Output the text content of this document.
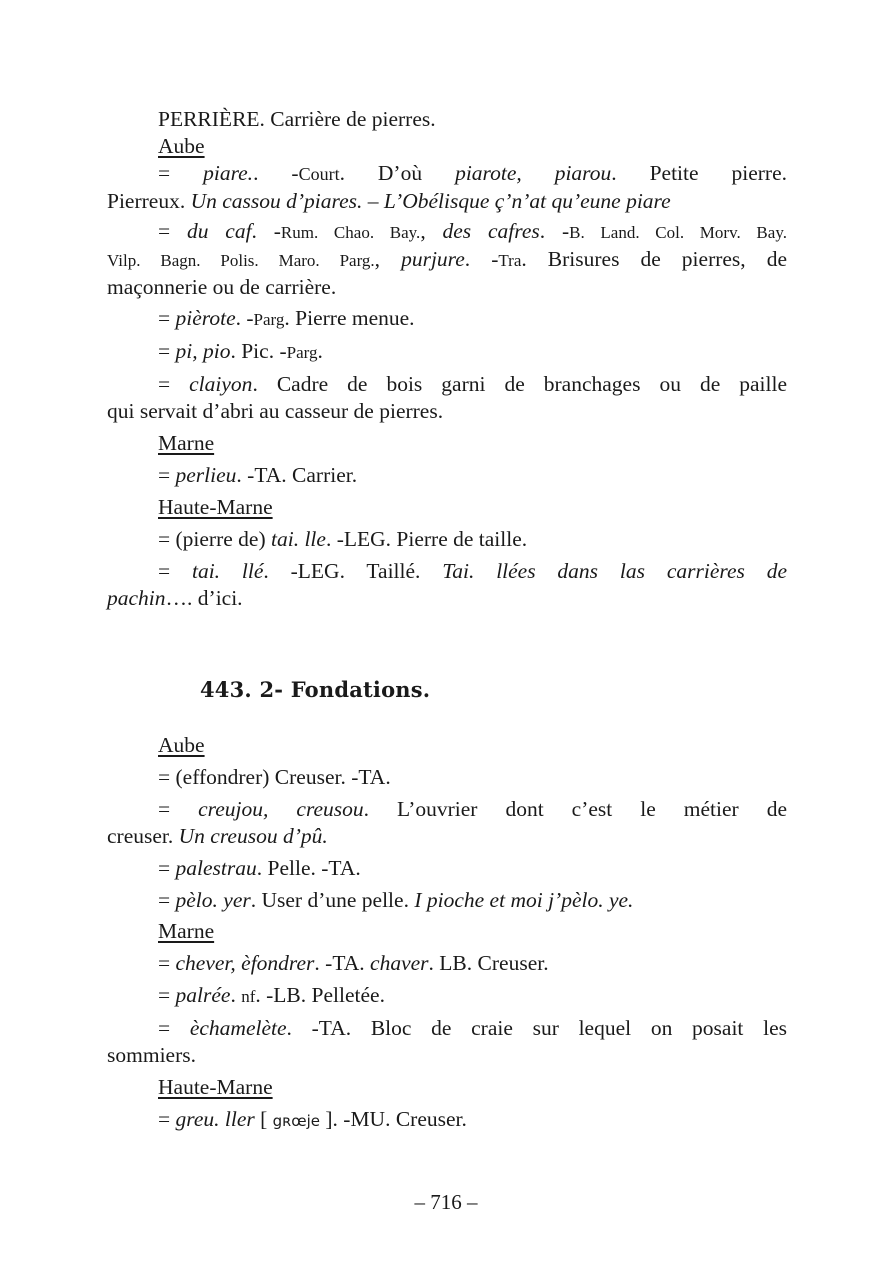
PERRIÈRE. Carrière de pierres.
Aube
= piare.. -Court. D’où piarote, piarou. Petite pierre.
Pierreux. Un cassou d’piares. – L’Obélisque ç’n’at qu’eune piare
= du caf. -Rum. Chao. Bay., des cafres. -B. Land. Col. Morv. Bay.
Vilp. Bagn. Polis. Maro. Parg., purjure. -Tra. Brisures de pierres, de
maçonnerie ou de carrière.
= pièrote. -Parg. Pierre menue.
= pi, pio. Pic. -Parg.
= claiyon. Cadre de bois garni de branchages ou de paille
qui servait d’abri au casseur de pierres.
Marne
= perlieu. -TA. Carrier.
Haute-Marne
= (pierre de) tai. lle. -LEG. Pierre de taille.
= tai. llé. -LEG. Taillé. Tai. llées dans las carrières de
pachin…. d’ici.
443. 2- Fondations.
Aube
= (effondrer) Creuser. -TA.
= creujou, creusou. L’ouvrier dont c’est le métier de
creuser. Un creusou d’pû.
= palestrau. Pelle. -TA.
= pèlo. yer. User d’une pelle. I pioche et moi j’pèlo. ye.
Marne
= chever, èfondrer. -TA. chaver. LB. Creuser.
= palrée. nf. -LB. Pelletée.
= èchamelète. -TA. Bloc de craie sur lequel on posait les
sommiers.
Haute-Marne
= greu. ller [ gʀœje ]. -MU. Creuser.
– 716 –
